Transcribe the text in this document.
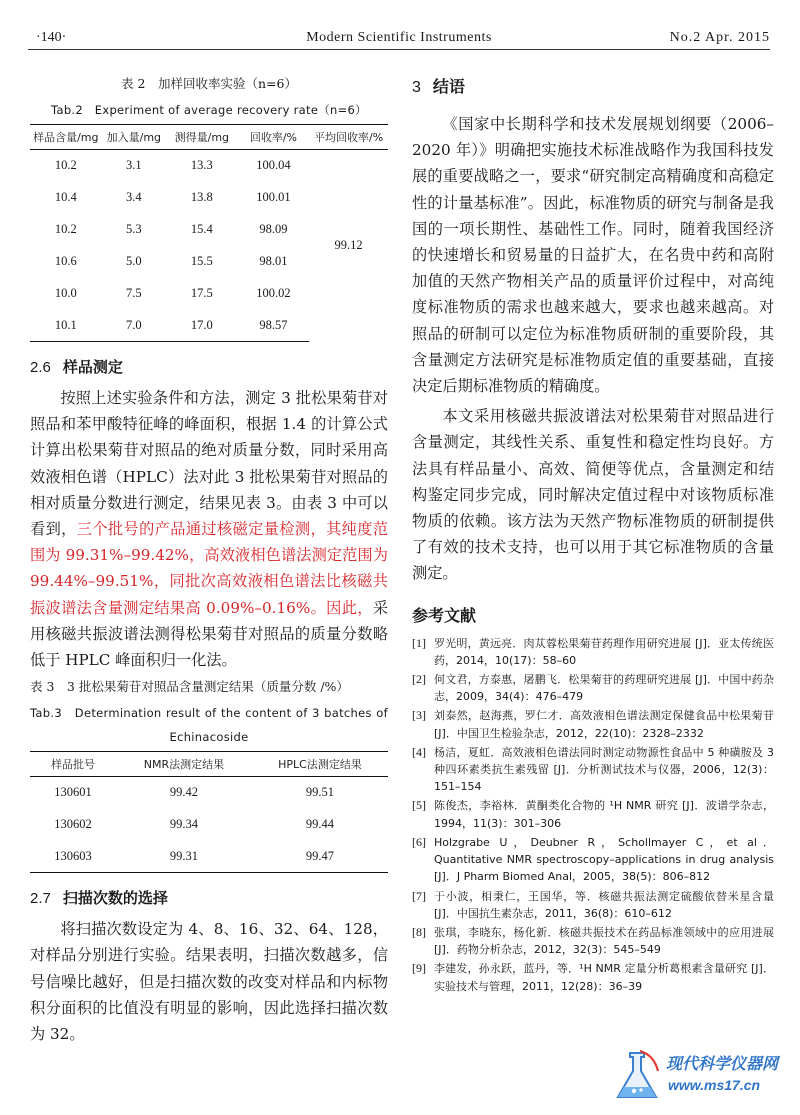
·140·	Modern Scientific Instruments	No.2 Apr. 2015
表 2　加样回收率实验（n=6）
Tab.2　Experiment of average recovery rate（n=6）
样品含量/mg	加入量/mg	测得量/mg	回收率/%	平均回收率/%
10.2	3.1	13.3	100.04	99.12
10.4	3.4	13.8	100.01	
10.2	5.3	15.4	98.09	
10.6	5.0	15.5	98.01	
10.0	7.5	17.5	100.02	
10.1	7.0	17.0	98.57	
2.6 样品测定

按照上述实验条件和方法，测定 3 批松果菊苷对照品和苯甲酸特征峰的峰面积，根据 1.4 的计算公式计算出松果菊苷对照品的绝对质量分数，同时采用高效液相色谱（HPLC）法对此 3 批松果菊苷对照品的相对质量分数进行测定，结果见表 3。由表 3 中可以看到，三个批号的产品通过核磁定量检测，其纯度范围为 99.31%–99.42%，高效液相色谱法测定范围为 99.44%–99.51%，同批次高效液相色谱法比核磁共振波谱法含量测定结果高 0.09%–0.16%。因此，采用核磁共振波谱法测得松果菊苷对照品的质量分数略低于 HPLC 峰面积归一化法。

表 3　3 批松果菊苷对照品含量测定结果（质量分数 /%）
Tab.3　Determination result of the content of 3 batches of
Echinacoside
样品批号	NMR法测定结果	HPLC法测定结果
130601	99.42	99.51
130602	99.34	99.44
130603	99.31	99.47
2.7 扫描次数的选择

将扫描次数设定为 4、8、16、32、64、128，对样品分别进行实验。结果表明，扫描次数越多，信号信噪比越好，但是扫描次数的改变对样品和内标物积分面积的比值没有明显的影响，因此选择扫描次数为 32。

3 结语

《国家中长期科学和技术发展规划纲要（2006–2020 年）》明确把实施技术标准战略作为我国科技发展的重要战略之一，要求“研究制定高精确度和高稳定性的计量基标准”。因此，标准物质的研究与制备是我国的一项长期性、基础性工作。同时，随着我国经济的快速增长和贸易量的日益扩大，在名贵中药和高附加值的天然产物相关产品的质量评价过程中，对高纯度标准物质的需求也越来越大，要求也越来越高。对照品的研制可以定位为标准物质研制的重要阶段，其含量测定方法研究是标准物质定值的重要基础，直接决定后期标准物质的精确度。

本文采用核磁共振波谱法对松果菊苷对照品进行含量测定，其线性关系、重复性和稳定性均良好。方法具有样品量小、高效、简便等优点，含量测定和结构鉴定同步完成，同时解决定值过程中对该物质标准物质的依赖。该方法为天然产物标准物质的研制提供了有效的技术支持，也可以用于其它标准物质的含量测定。

参考文献
[1] 罗光明，黄远亮．肉苁蓉松果菊苷药理作用研究进展 [J]．亚太传统医药，2014，10(17)：58–60
[2] 何文君，方泰惠，屠鹏飞．松果菊苷的药理研究进展 [J]．中国中药杂志，2009，34(4)：476–479
[3] 刘泰然，赵海燕，罗仁才．高效液相色谱法测定保健食品中松果菊苷 [J]．中国卫生检验杂志，2012，22(10)：2328–2332
[4] 杨洁，夏虹．高效液相色谱法同时测定动物源性食品中 5 种磺胺及 3 种四环素类抗生素残留 [J]．分析测试技术与仪器，2006，12(3)：151–154
[5] 陈俊杰，李裕林．黄酮类化合物的 ¹H NMR 研究 [J]．波谱学杂志，1994，11(3)：301–306
[6] Holzgrabe U，Deubner R，Schollmayer C，et al．Quantitative NMR spectroscopy–applications in drug analysis [J]．J Pharm Biomed Anal，2005，38(5)：806–812
[7] 于小波，相秉仁，王国华，等．核磁共振法测定硫酸依替米星含量 [J]．中国抗生素杂志，2011，36(8)：610–612
[8] 张琪，李晓东，杨化新．核磁共振技术在药品标准领域中的应用进展 [J]．药物分析杂志，2012，32(3)：545–549
[9] 李建发，孙永跃，蓝丹，等．¹H NMR 定量分析葛根素含量研究 [J]．实验技术与管理，2011，12(28)：36–39
现代科学仪器网
www.ms17.cn
